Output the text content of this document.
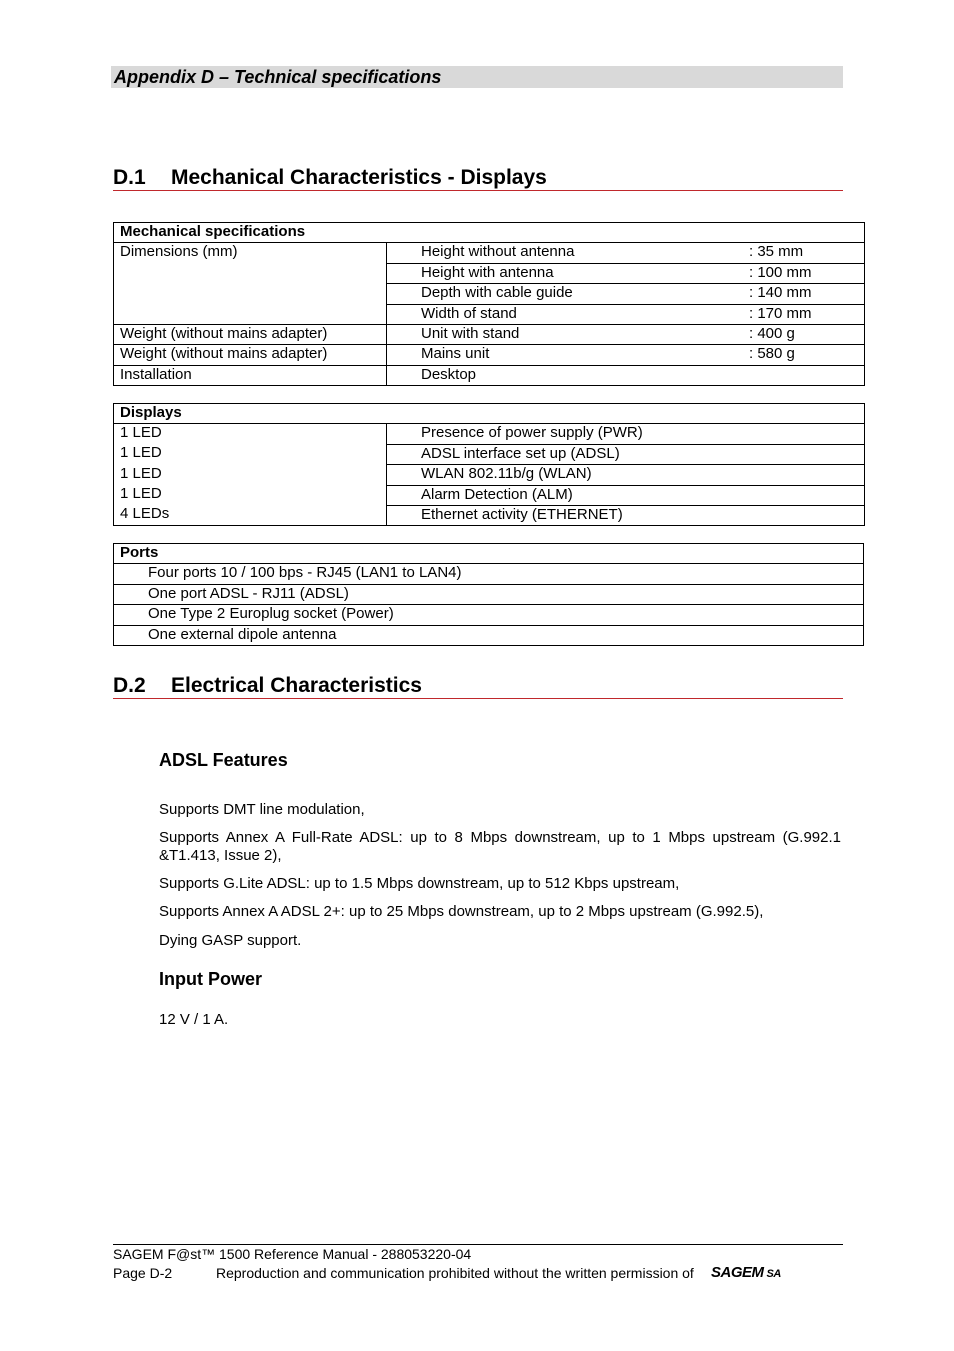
Appendix D – Technical specifications
D.1 Mechanical Characteristics - Displays
Mechanical specifications	
Dimensions (mm)	Height without antenna : 35 mm

	Height with antenna : 100 mm

	Depth with cable guide : 140 mm

	Width of stand : 170 mm

Weight (without mains adapter)	Unit with stand : 400 g

Weight (without mains adapter)	Mains unit : 580 g

Installation	Desktop
Displays	
1 LED	Presence of power supply (PWR)
1 LED	ADSL interface set up (ADSL)
1 LED	WLAN 802.11b/g (WLAN)
1 LED	Alarm Detection (ALM)
4 LEDs	Ethernet activity (ETHERNET)
Ports
Four ports 10 / 100 bps - RJ45 (LAN1 to LAN4)
One port ADSL - RJ11 (ADSL)
One Type 2 Europlug socket (Power)
One external dipole antenna
D.2 Electrical Characteristics
ADSL Features
Supports DMT line modulation,
Supports Annex A Full-Rate ADSL: up to 8 Mbps downstream, up to 1 Mbps upstream (G.992.1 &T1.413, Issue 2),
Supports G.Lite ADSL: up to 1.5 Mbps downstream, up to 512 Kbps upstream,
Supports Annex A ADSL 2+: up to 25 Mbps downstream, up to 2 Mbps upstream (G.992.5),
Dying GASP support.
Input Power
12 V / 1 A.
SAGEM F@st™ 1500 Reference Manual - 288053220-04
Page D-2	Reproduction and communication prohibited without the written permission of SAGEM SA
